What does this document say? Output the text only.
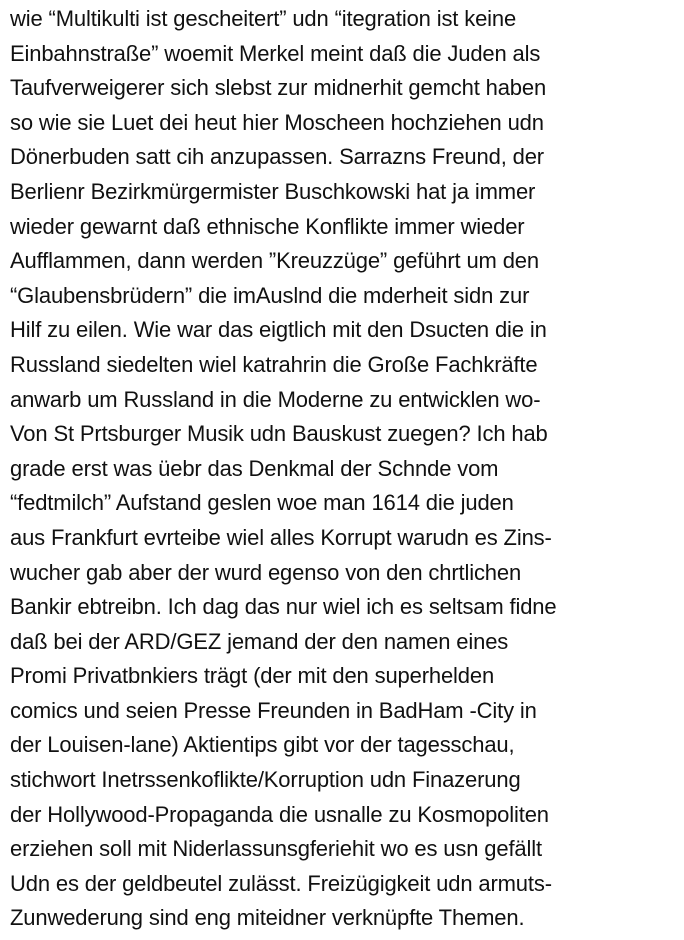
wie “Multikulti ist gescheitert” udn “itegration ist keine
Einbahnstraße” woemit Merkel meint daß die Juden als
Taufverweigerer sich slebst zur midnerhit gemcht haben
so wie sie Luet dei heut hier Moscheen hochziehen udn
Dönerbuden satt cih anzupassen. Sarrazns Freund, der
Berlienr Bezirkmürgermister Buschkowski hat ja immer
wieder gewarnt daß ethnische Konflikte immer wieder
Aufflammen, dann werden ”Kreuzzüge” geführt um den
“Glaubensbrüdern” die imAuslnd die mderheit sidn zur
Hilf zu eilen. Wie war das eigtlich mit den Dsucten die in
Russland siedelten wiel katrahrin die Große Fachkräfte
anwarb um Russland in die Moderne zu entwicklen wo-
Von St Prtsburger Musik udn Bauskust zuegen? Ich hab
grade erst was üebr das Denkmal der Schnde vom
“fedtmilch” Aufstand geslen woe man 1614 die juden
aus Frankfurt evrteibe wiel alles Korrupt warudn es Zins-
wucher gab aber der wurd egenso von den chrtlichen
Bankir ebtreibn. Ich dag das nur wiel ich es seltsam fidne
daß bei der ARD/GEZ jemand der den namen eines
Promi Privatbnkiers trägt (der mit den superhelden
comics und seien Presse Freunden in BadHam -City in
der Louisen-lane) Aktientips gibt vor der tagesschau,
stichwort Inetrssenkoflikte/Korruption udn Finazerung
der Hollywood-Propaganda die usnalle zu Kosmopoliten
erziehen soll mit Niderlassunsgferiehit wo es usn gefällt
Udn es der geldbeutel zulässt. Freizügigkeit udn armuts-
Zunwederung sind eng miteidner verknüpfte Themen.
